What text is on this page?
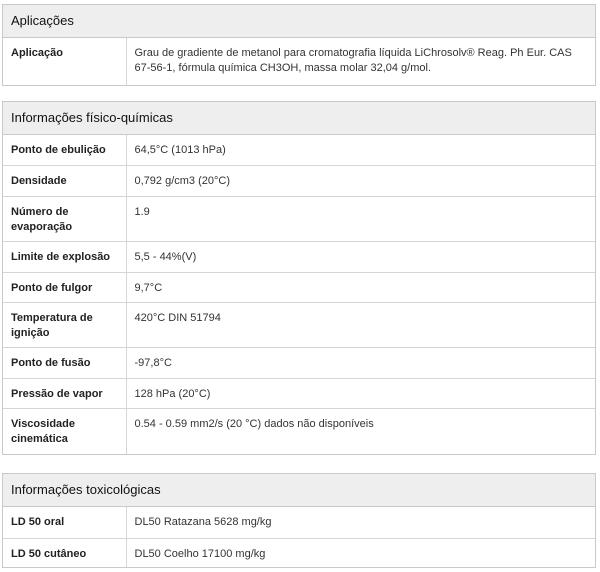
Aplicações
Aplicação	Grau de gradiente de metanol para cromatografia líquida LiChrosolv® Reag. Ph Eur. CAS 67-56-1, fórmula química CH3OH, massa molar 32,04 g/mol.
Informações físico-químicas
Ponto de ebulição	64,5°C (1013 hPa)
Densidade	0,792 g/cm3 (20°C)
Número de evaporação	1.9
Limite de explosão	5,5 - 44%(V)
Ponto de fulgor	9,7°C
Temperatura de ignição	420°C DIN 51794
Ponto de fusão	-97,8°C
Pressão de vapor	128 hPa (20°C)
Viscosidade cinemática	0.54 - 0.59 mm2/s (20 °C) dados não disponíveis
Informações toxicológicas
LD 50 oral	DL50 Ratazana 5628 mg/kg
LD 50 cutâneo	DL50 Coelho 17100 mg/kg
